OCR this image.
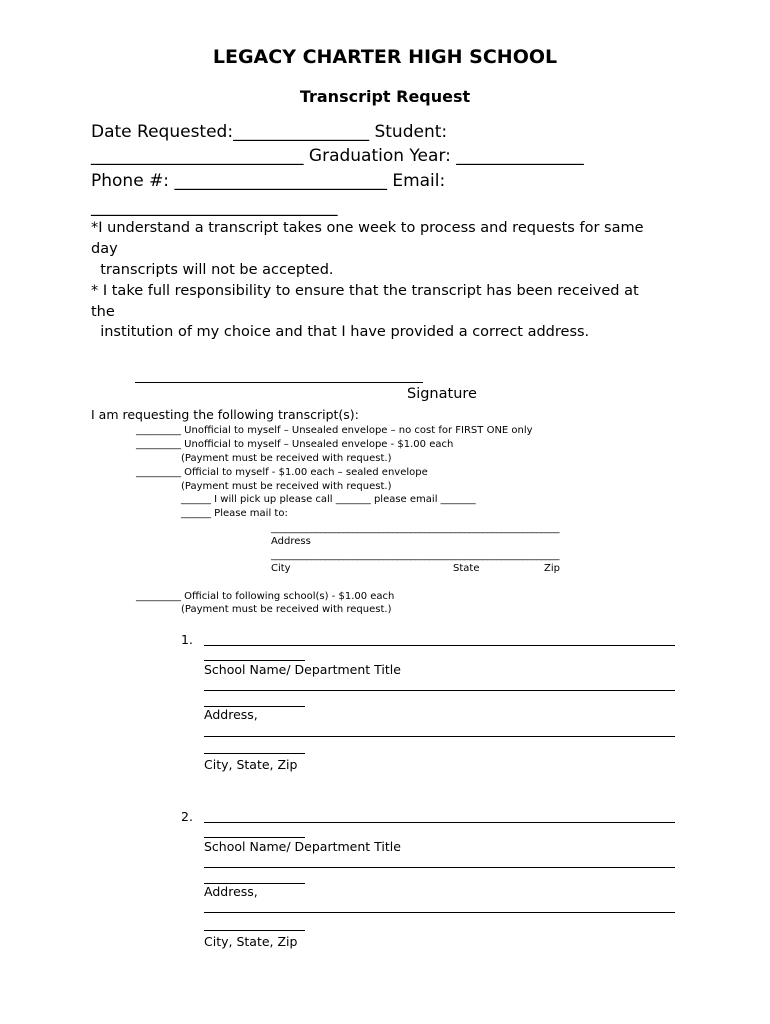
LEGACY CHARTER HIGH SCHOOL
Transcript Request
Date Requested:________________ Student:
_________________________ Graduation Year: _______________
Phone #: _________________________ Email:
_____________________________
*I understand a transcript takes one week to process and requests for same
day
transcripts will not be accepted.
* I take full responsibility to ensure that the transcript has been received at
the
institution of my choice and that I have provided a correct address.
Signature
I am requesting the following transcript(s):
_________ Unofficial to myself – Unsealed envelope – no cost for FIRST ONE only
_________ Unofficial to myself – Unsealed envelope - $1.00 each
(Payment must be received with request.)
_________ Official to myself - $1.00 each – sealed envelope
(Payment must be received with request.)
______ I will pick up please call _______ please email _______
______ Please mail to:
________________________________________________________________
Address
________________________________________________________________
City	State	Zip
_________ Official to following school(s) - $1.00 each
(Payment must be received with request.)
1.
School Name/ Department Title
Address,
City, State, Zip
2.
School Name/ Department Title
Address,
City, State, Zip
